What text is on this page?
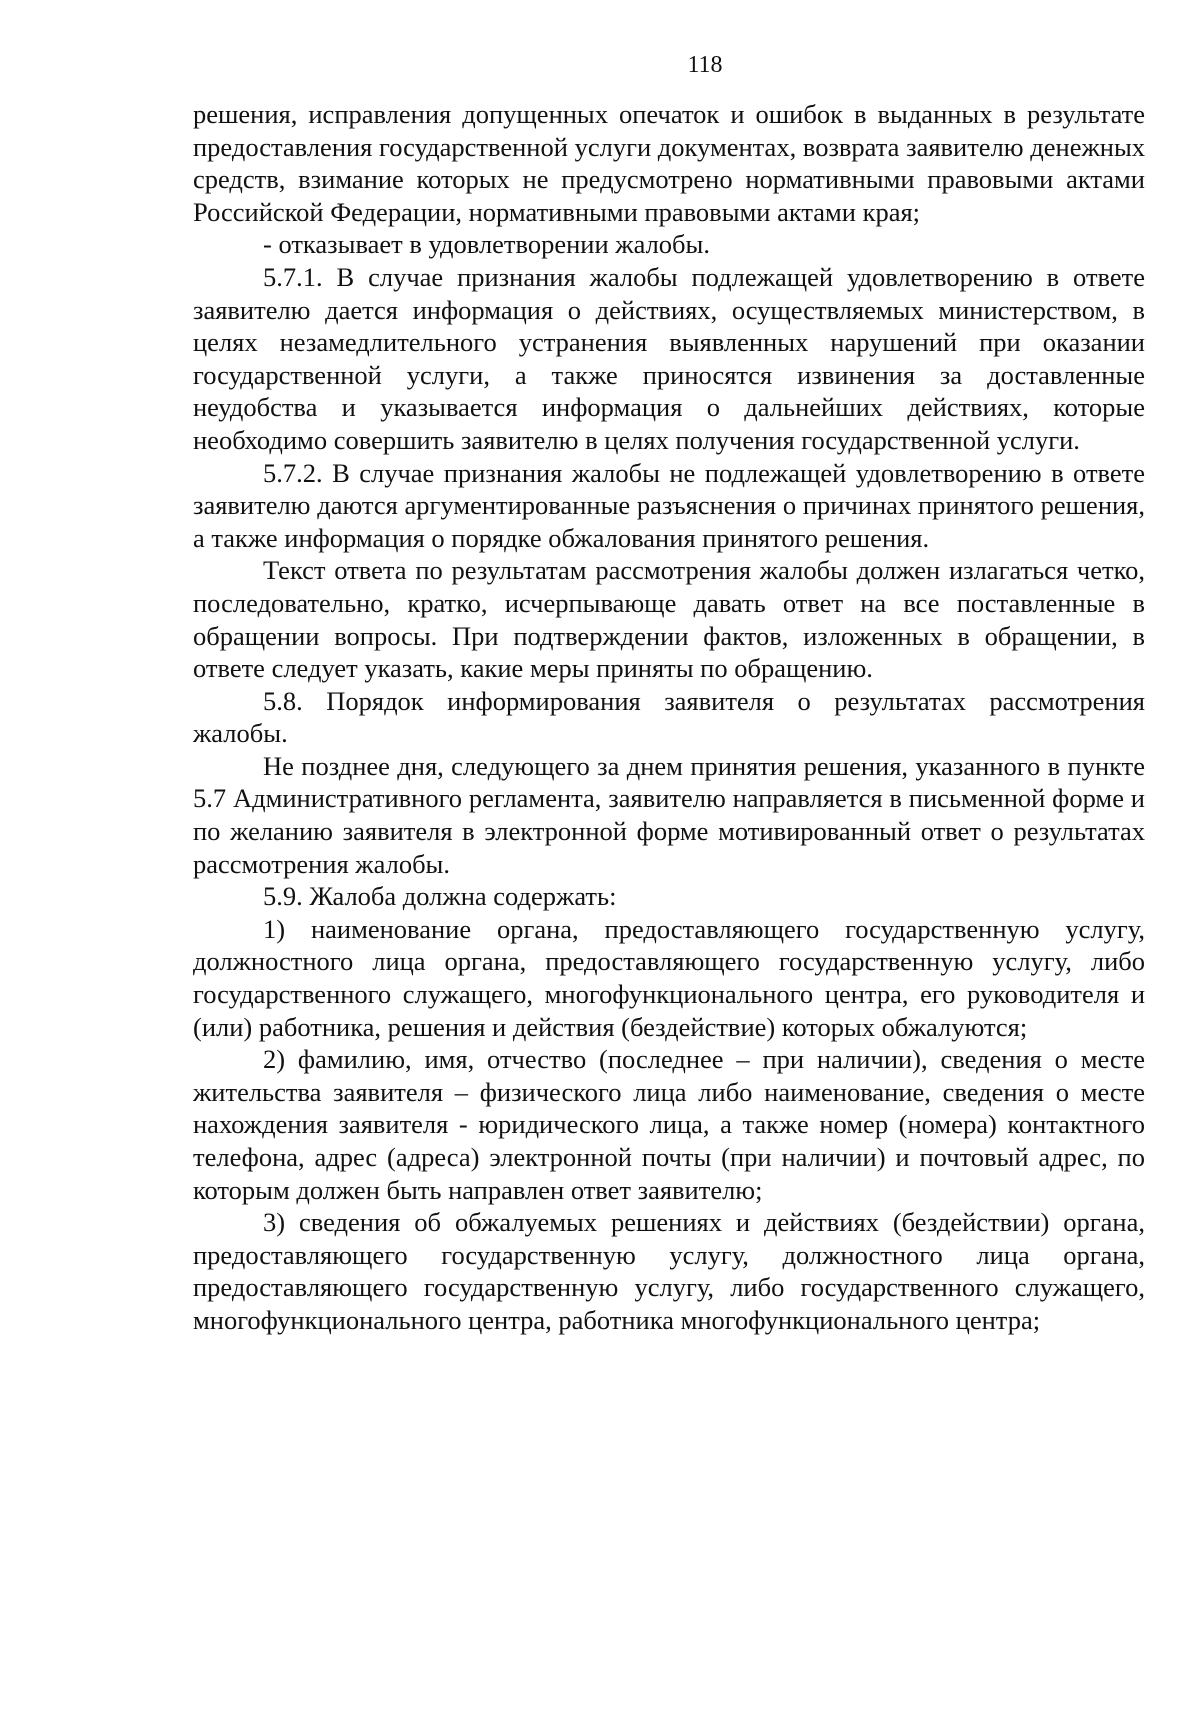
118

решения, исправления допущенных опечаток и ошибок в выданных в результате предоставления государственной услуги документах, возврата заявителю денежных средств, взимание которых не предусмотрено нормативными правовыми актами Российской Федерации, нормативными правовыми актами края;

- отказывает в удовлетворении жалобы.

5.7.1. В случае признания жалобы подлежащей удовлетворению в ответе заявителю дается информация о действиях, осуществляемых министерством, в целях незамедлительного устранения выявленных нарушений при оказании государственной услуги, а также приносятся извинения за доставленные неудобства и указывается информация о дальнейших действиях, которые необходимо совершить заявителю в целях получения государственной услуги.

5.7.2. В случае признания жалобы не подлежащей удовлетворению в ответе заявителю даются аргументированные разъяснения о причинах принятого решения, а также информация о порядке обжалования принятого решения.

Текст ответа по результатам рассмотрения жалобы должен излагаться четко, последовательно, кратко, исчерпывающе давать ответ на все поставленные в обращении вопросы. При подтверждении фактов, изложенных в обращении, в ответе следует указать, какие меры приняты по обращению.

5.8. Порядок информирования заявителя о результатах рассмотрения жалобы.

Не позднее дня, следующего за днем принятия решения, указанного в пункте 5.7 Административного регламента, заявителю направляется в письменной форме и по желанию заявителя в электронной форме мотивированный ответ о результатах рассмотрения жалобы.

5.9. Жалоба должна содержать:

1) наименование органа, предоставляющего государственную услугу, должностного лица органа, предоставляющего государственную услугу, либо государственного служащего, многофункционального центра, его руководителя и (или) работника, решения и действия (бездействие) которых обжалуются;

2) фамилию, имя, отчество (последнее – при наличии), сведения о месте жительства заявителя – физического лица либо наименование, сведения о месте нахождения заявителя - юридического лица, а также номер (номера) контактного телефона, адрес (адреса) электронной почты (при наличии) и почтовый адрес, по которым должен быть направлен ответ заявителю;

3) сведения об обжалуемых решениях и действиях (бездействии) органа, предоставляющего государственную услугу, должностного лица органа, предоставляющего государственную услугу, либо государственного служащего, многофункционального центра, работника многофункционального центра;
